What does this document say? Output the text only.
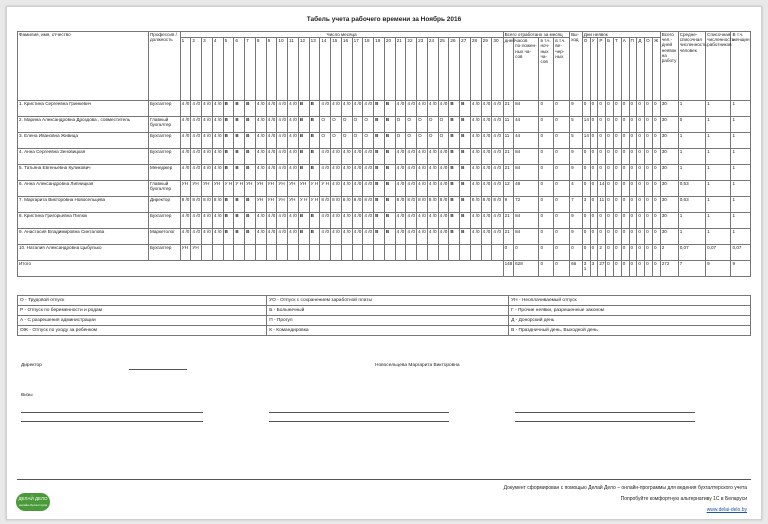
Табель учета рабочего времени за Ноябрь 2016
Фамилия, имя, отчество	Профессия / должность	Число месяца																														Всего отработано за месяц				Вы-ход	Дни неявок										Всего чел.-дней неявок на работу	Средне-списочная численность человек	Списочная численность работников	В т.ч. женщин
		1	2	3	4	5	6	7	8	9	10	11	12	13	14	15	16	17	18	19	20	21	22	23	24	25	26	27	28	29	30	дней	часов
по-ложен-ных ча-сов	в т.ч. ноч-ных ча-сов	в т.ч. ве-чер-ных		О	У	Р	Б	Т	А	П	Д	О	Ж				
1. Кристина Сергеевна Гринкевич	Бухгалтер	4 /0	4 /0	4 /0	4 /0	В	В	В	4 /0	4 /0	4 /0	4 /0	В	В	4 /0	4 /0	4 /0	4 /0	4 /0	В	В	4 /0	4 /0	4 /0	4 /0	4 /0	В	В	4 /0	4 /0	4 /0	21	84	0	0	9	0	0	0	0	0	0	0	0	0	0	30	1	1	1
2. Марина Александровна Дроздова , совместитель	Главный бухгалтер	4 /0	4 /0	4 /0	4 /0	В	В	В	4 /0	4 /0	4 /0	4 /0	В	В	О	О	О	О	О	В	В	О	О	О	О	О	В	В	4 /0	4 /0	4 /0	11	44	0	0	5	14	0	0	0	0	0	0	0	0	0	30	0	1	1
3. Елена Ивановна Живица	Бухгалтер	4 /0	4 /0	4 /0	4 /0	В	В	В	4 /0	4 /0	4 /0	4 /0	В	В	О	О	О	О	О	В	В	О	О	О	О	О	В	В	4 /0	4 /0	4 /0	11	44	0	0	5	14	0	0	0	0	0	0	0	0	0	30	1	1	1
4. Анна Сергеевна Зеновицкая	Бухгалтер	4 /0	4 /0	4 /0	4 /0	В	В	В	4 /0	4 /0	4 /0	4 /0	В	В	4 /0	4 /0	4 /0	4 /0	4 /0	В	В	4 /0	4 /0	4 /0	4 /0	4 /0	В	В	4 /0	4 /0	4 /0	21	84	0	0	9	0	0	0	0	0	0	0	0	0	0	30	1	1	1
5. Татьяна Евгеньевна Куликович	Менеджер	4 /0	4 /0	4 /0	4 /0	В	В	В	4 /0	4 /0	4 /0	4 /0	В	В	4 /0	4 /0	4 /0	4 /0	4 /0	В	В	4 /0	4 /0	4 /0	4 /0	4 /0	В	В	4 /0	4 /0	4 /0	21	84	0	0	9	0	0	0	0	0	0	0	0	0	0	30	1	1	1
6. Анна Александровна Липницкая	Главный бухгалтер	УН	УН	УН	УН	У Н	У Н	УН	УН	УН	УН	УН	УН	У Н	У Н	4 /0	4 /0	4 /0	4 /0	В	В	4 /0	4 /0	4 /0	4 /0	4 /0	В	В	4 /0	4 /0	4 /0	12	48	0	0	4	0	0	14	0	0	0	0	0	0	0	30	0,53	1	1
7. Маргарита Викторовна Новосельцева	Директор	8 /0	8 /0	8 /0	8 /0	В	В	В	УН	УН	УН	УН	У Н	У Н	8 /0	8 /0	8 /0	8 /0	8 /0	В	В	8 /0	8 /0	8 /0	8 /0	8 /0	В	В	8 /0	8 /0	8 /0	9	72	0	0	7	3	0	11	0	0	0	0	0	0	0	30	0,63	1	1
8. Кристина Григорьевна Пилюк	Бухгалтер	4 /0	4 /0	4 /0	4 /0	В	В	В	4 /0	4 /0	4 /0	4 /0	В	В	4 /0	4 /0	4 /0	4 /0	4 /0	В	В	4 /0	4 /0	4 /0	4 /0	4 /0	В	В	4 /0	4 /0	4 /0	21	84	0	0	9	0	0	0	0	0	0	0	0	0	0	30	1	1	1
9. Анастасия Владимировна Синталова	Маркетолог	4 /0	4 /0	4 /0	4 /0	В	В	В	4 /0	4 /0	4 /0	4 /0	В	В	4 /0	4 /0	4 /0	4 /0	4 /0	В	В	4 /0	4 /0	4 /0	4 /0	4 /0	В	В	4 /0	4 /0	4 /0	21	84	0	0	9	0	0	0	0	0	0	0	0	0	0	30	1	1	1
10. Наталия Александровна Цыбулько	Бухгалтер	УН	УН																													0	0	0	0	0	0	0	2	0	0	0	0	0	0	0	2	0,07	0,07	0,07
Итого																																148	628	0	0	66	3 1	3	27	0	0	0	0	0	0	0	272	7	9	9
О - Трудовой отпуск	УО - Отпуск с сохранением заработной платы	УН - Неоплачиваемый отпуск
Р - Отпуск по беременности и родам	Б - Больничный	Г - Прочие неявки, разрешенные законом
А - С разрешения администрации	П - Прогул	Д - Донорский день
ОЖ - Отпуск по уходу за ребенком	К - Командировка	В - Праздничный день, Выходной день
Директор	Новосельцева Маргарита Викторовна
Визы
ДЕЛАЙ ДЕЛО
онлайн-бухгалтерия
Документ сформирован с помощью Делай Дело – онлайн-программы для ведения бухгалтерского учета
Попробуйте комфортную альтернативу 1С в Беларуси
www.delai-delo.by
